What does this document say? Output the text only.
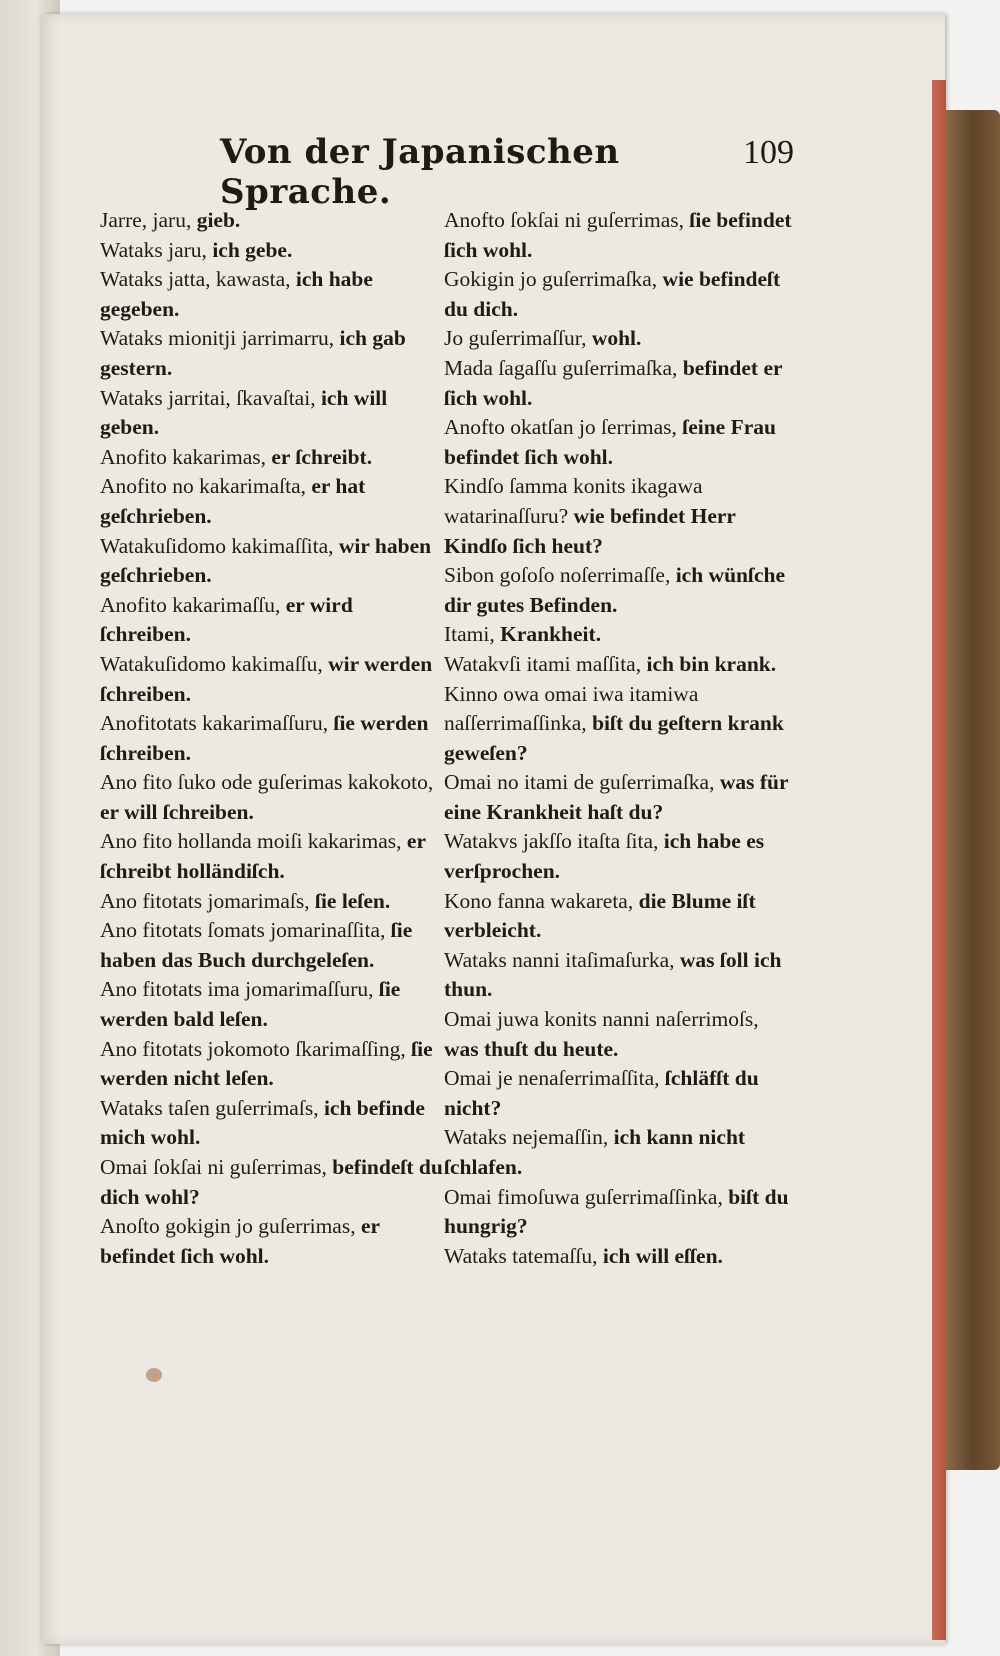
Von der Japanischen Sprache.
109

Jarre, jaru, gieb.

Wataks jaru, ich gebe.

Wataks jatta, kawasta, ich habe gegeben.

Wataks mionitji jarrimarru, ich gab gestern.

Wataks jarritai, ſkavaſtai, ich will geben.

Anofito kakarimas, er ſchreibt.

Anofito no kakarimaſta, er hat geſchrieben.

Watakuſidomo kakimaſſita, wir haben geſchrieben.

Anofito kakarimaſſu, er wird ſchreiben.

Watakuſidomo kakimaſſu, wir werden ſchreiben.

Anofitotats kakarimaſſuru, ſie werden ſchreiben.

Ano fito ſuko ode guſerimas kakokoto, er will ſchreiben.

Ano fito hollanda moiſi kakarimas, er ſchreibt holländiſch.

Ano fitotats jomarimaſs, ſie leſen.

Ano fitotats ſomats jomarinaſſita, ſie haben das Buch durchgeleſen.

Ano fitotats ima jomarimaſſuru, ſie werden bald leſen.

Ano fitotats jokomoto ſkarimaſſing, ſie werden nicht leſen.

Wataks taſen guſerrimaſs, ich befinde mich wohl.

Omai ſokſai ni guſerrimas, befindeſt du dich wohl?

Anoſto gokigin jo guſerrimas, er befindet ſich wohl.

Anofto ſokſai ni guſerrimas, ſie befindet ſich wohl.

Gokigin jo guſerrimaſka, wie befindeſt du dich.

Jo guſerrimaſſur, wohl.

Mada ſagaſſu guſerrimaſka, befindet er ſich wohl.

Anofto okatſan jo ſerrimas, ſeine Frau befindet ſich wohl.

Kindſo ſamma konits ikagawa watarinaſſuru? wie befindet Herr Kindſo ſich heut?

Sibon goſoſo noſerrimaſſe, ich wünſche dir gutes Befinden.

Itami, Krankheit.

Watakvſi itami maſſita, ich bin krank.

Kinno owa omai iwa itamiwa naſſerrimaſſinka, biſt du geſtern krank geweſen?

Omai no itami de guſerrimaſka, was für eine Krankheit haſt du?

Watakvs jakſſo itaſta ſita, ich habe es verſprochen.

Kono fanna wakareta, die Blume iſt verbleicht.

Wataks nanni itaſimaſurka, was ſoll ich thun.

Omai juwa konits nanni naſerrimoſs, was thuſt du heute.

Omai je nenaſerrimaſſita, ſchläfſt du nicht?

Wataks nejemaſſin, ich kann nicht ſchlafen.

Omai fimoſuwa guſerrimaſſinka, biſt du hungrig?

Wataks tatemaſſu, ich will eſſen.
